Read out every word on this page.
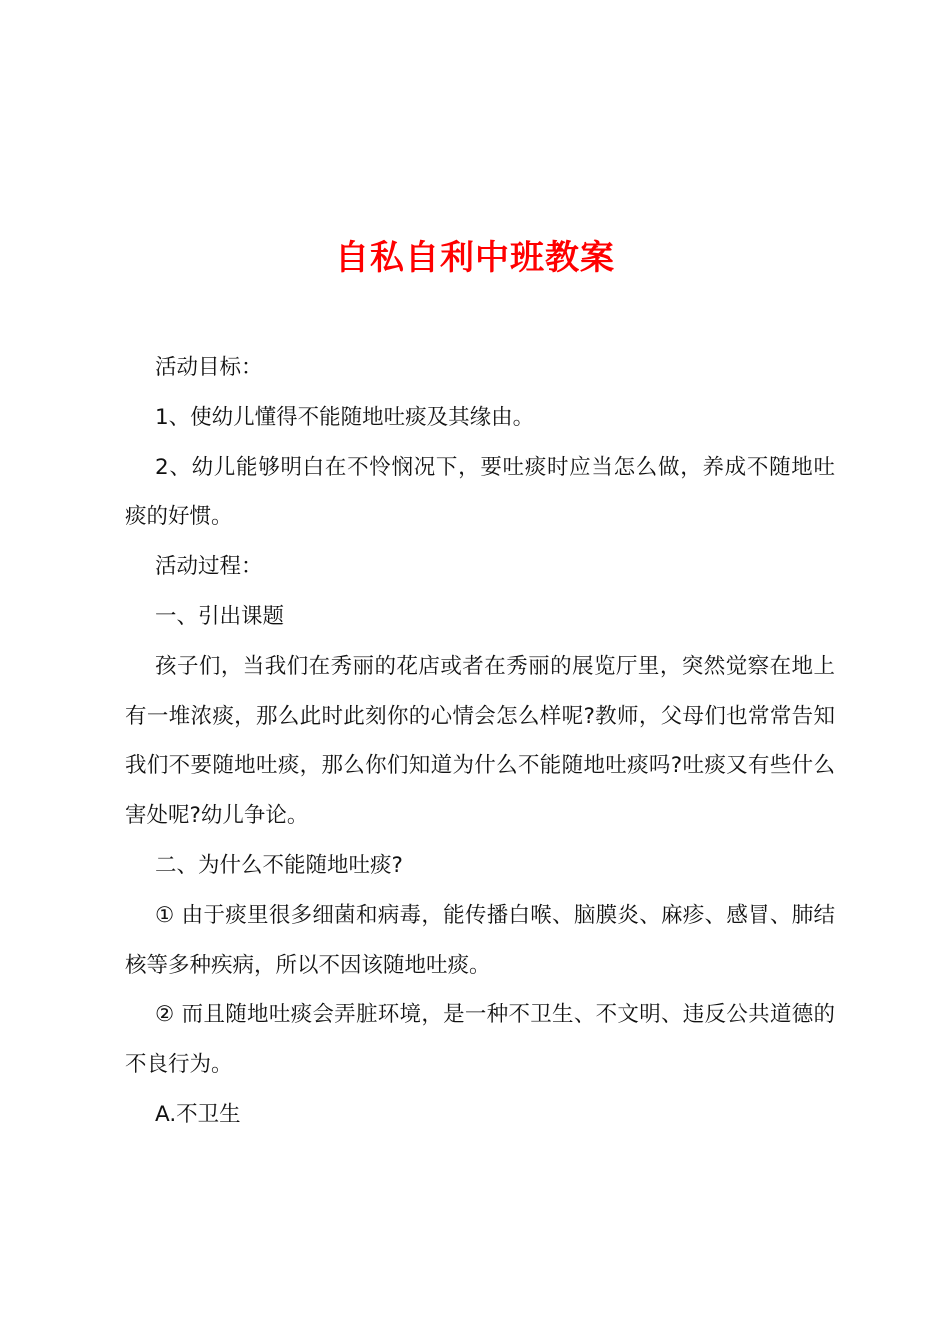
自私自利中班教案

活动目标：

1、使幼儿懂得不能随地吐痰及其缘由。

2、幼儿能够明白在不怜悯况下，要吐痰时应当怎么做，养成不随地吐痰的好惯。

活动过程：

一、引出课题

孩子们，当我们在秀丽的花店或者在秀丽的展览厅里，突然觉察在地上有一堆浓痰，那么此时此刻你的心情会怎么样呢?教师，父母们也常常告知我们不要随地吐痰，那么你们知道为什么不能随地吐痰吗?吐痰又有些什么害处呢?幼儿争论。

二、为什么不能随地吐痰?

① 由于痰里很多细菌和病毒，能传播白喉、脑膜炎、麻疹、感冒、肺结核等多种疾病，所以不因该随地吐痰。

② 而且随地吐痰会弄脏环境，是一种不卫生、不文明、违反公共道德的不良行为。

A.不卫生
